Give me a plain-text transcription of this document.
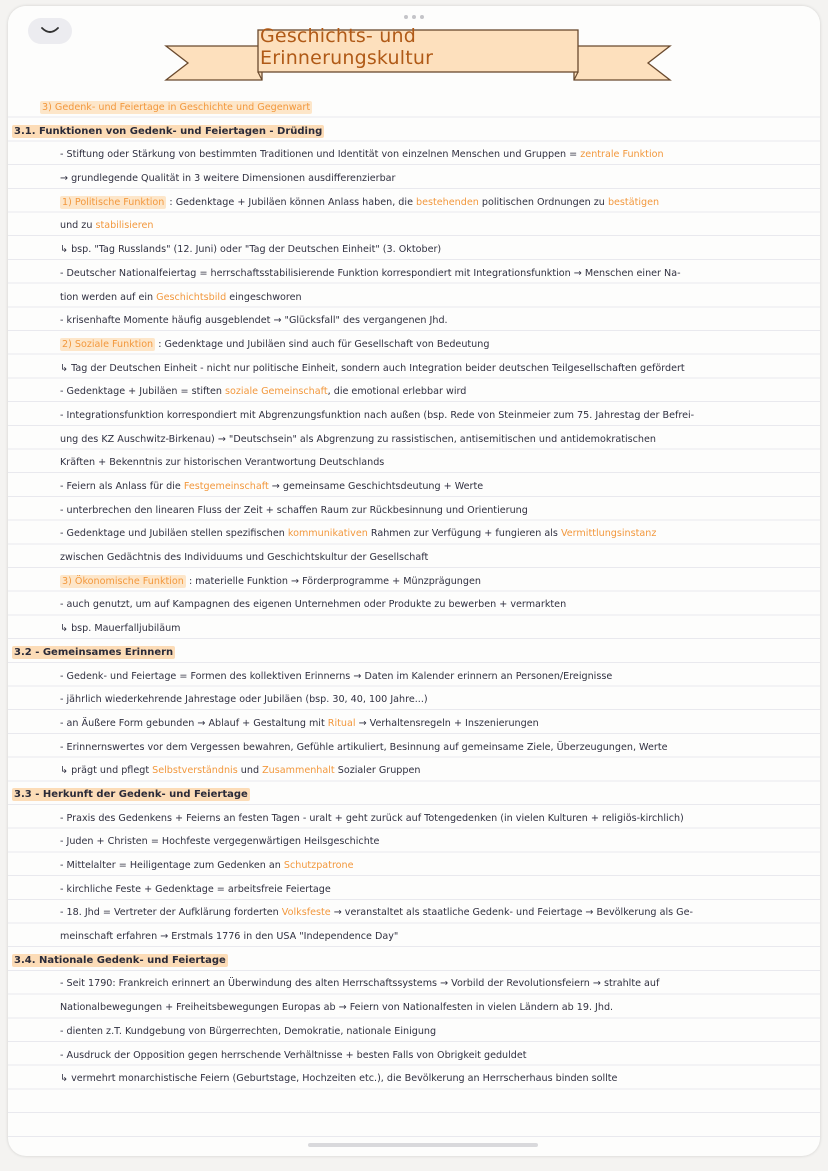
Geschichts- und Erinnerungskultur
3) Gedenk- und Feiertage in Geschichte und Gegenwart
3.1. Funktionen von Gedenk- und Feiertagen - Drüding
- Stiftung oder Stärkung von bestimmten Traditionen und Identität von einzelnen Menschen und Gruppen = zentrale Funktion
→ grundlegende Qualität in 3 weitere Dimensionen ausdifferenzierbar
1) Politische Funktion : Gedenktage + Jubiläen können Anlass haben, die bestehenden politischen Ordnungen zu bestätigen
und zu stabilisieren
↳ bsp. "Tag Russlands" (12. Juni) oder "Tag der Deutschen Einheit" (3. Oktober)
- Deutscher Nationalfeiertag = herrschaftsstabilisierende Funktion korrespondiert mit Integrationsfunktion → Menschen einer Na-
tion werden auf ein Geschichtsbild eingeschworen
- krisenhafte Momente häufig ausgeblendet → "Glücksfall" des vergangenen Jhd.
2) Soziale Funktion : Gedenktage und Jubiläen sind auch für Gesellschaft von Bedeutung
↳ Tag der Deutschen Einheit - nicht nur politische Einheit, sondern auch Integration beider deutschen Teilgesellschaften gefördert
- Gedenktage + Jubiläen = stiften soziale Gemeinschaft, die emotional erlebbar wird
- Integrationsfunktion korrespondiert mit Abgrenzungsfunktion nach außen (bsp. Rede von Steinmeier zum 75. Jahrestag der Befrei-
ung des KZ Auschwitz-Birkenau) → "Deutschsein" als Abgrenzung zu rassistischen, antisemitischen und antidemokratischen
Kräften + Bekenntnis zur historischen Verantwortung Deutschlands
- Feiern als Anlass für die Festgemeinschaft → gemeinsame Geschichtsdeutung + Werte
- unterbrechen den linearen Fluss der Zeit + schaffen Raum zur Rückbesinnung und Orientierung
- Gedenktage und Jubiläen stellen spezifischen kommunikativen Rahmen zur Verfügung + fungieren als Vermittlungsinstanz
zwischen Gedächtnis des Individuums und Geschichtskultur der Gesellschaft
3) Ökonomische Funktion : materielle Funktion → Förderprogramme + Münzprägungen
- auch genutzt, um auf Kampagnen des eigenen Unternehmen oder Produkte zu bewerben + vermarkten
↳ bsp. Mauerfalljubiläum
3.2 - Gemeinsames Erinnern
- Gedenk- und Feiertage = Formen des kollektiven Erinnerns → Daten im Kalender erinnern an Personen/Ereignisse
- jährlich wiederkehrende Jahrestage oder Jubiläen (bsp. 30, 40, 100 Jahre...)
- an Äußere Form gebunden → Ablauf + Gestaltung mit Ritual → Verhaltensregeln + Inszenierungen
- Erinnernswertes vor dem Vergessen bewahren, Gefühle artikuliert, Besinnung auf gemeinsame Ziele, Überzeugungen, Werte
↳ prägt und pflegt Selbstverständnis und Zusammenhalt Sozialer Gruppen
3.3 - Herkunft der Gedenk- und Feiertage
- Praxis des Gedenkens + Feierns an festen Tagen - uralt + geht zurück auf Totengedenken (in vielen Kulturen + religiös-kirchlich)
- Juden + Christen = Hochfeste vergegenwärtigen Heilsgeschichte
- Mittelalter = Heiligentage zum Gedenken an Schutzpatrone
- kirchliche Feste + Gedenktage = arbeitsfreie Feiertage
- 18. Jhd = Vertreter der Aufklärung forderten Volksfeste → veranstaltet als staatliche Gedenk- und Feiertage → Bevölkerung als Ge-
meinschaft erfahren → Erstmals 1776 in den USA "Independence Day"
3.4. Nationale Gedenk- und Feiertage
- Seit 1790: Frankreich erinnert an Überwindung des alten Herrschaftssystems → Vorbild der Revolutionsfeiern → strahlte auf
Nationalbewegungen + Freiheitsbewegungen Europas ab → Feiern von Nationalfesten in vielen Ländern ab 19. Jhd.
- dienten z.T. Kundgebung von Bürgerrechten, Demokratie, nationale Einigung
- Ausdruck der Opposition gegen herrschende Verhältnisse + besten Falls von Obrigkeit geduldet
↳ vermehrt monarchistische Feiern (Geburtstage, Hochzeiten etc.), die Bevölkerung an Herrscherhaus binden sollte
